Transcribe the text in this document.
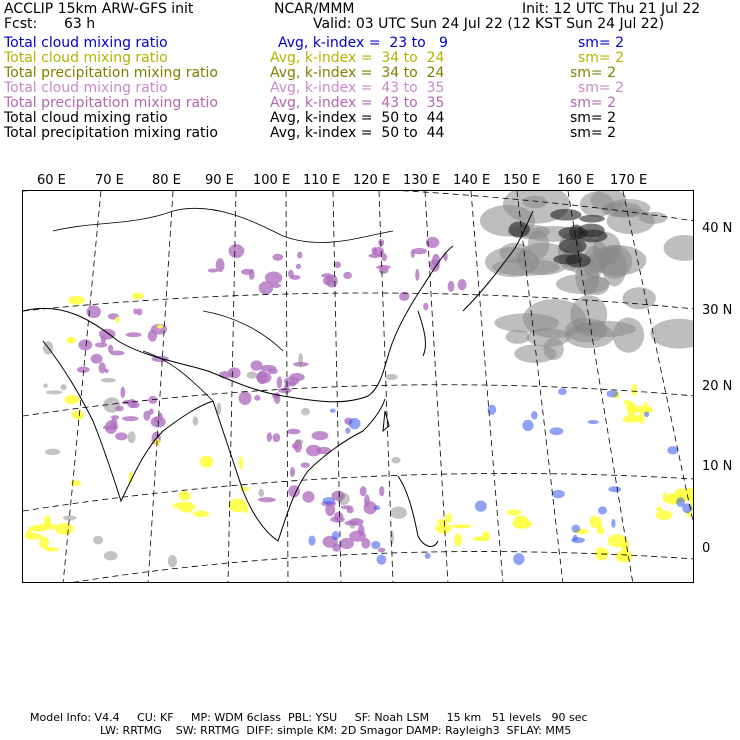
ACCLIP 15km ARW-GFS init	NCAR/MMM	Init: 12 UTC Thu 21 Jul 22
Fcst: 63 h	Valid: 03 UTC Sun 24 Jul 22 (12 KST Sun 24 Jul 22)
Total cloud mixing ratio	Avg, k-index =  23 to   9	sm= 2
Total cloud mixing ratio	Avg, k-index =  34 to  24	sm= 2
Total precipitation mixing ratio	Avg, k-index =  34 to  24	sm= 2
Total cloud mixing ratio	Avg, k-index =  43 to  35	sm= 2
Total precipitation mixing ratio	Avg, k-index =  43 to  35	sm= 2
Total cloud mixing ratio	Avg, k-index =  50 to  44	sm= 2
Total precipitation mixing ratio	Avg, k-index =  50 to  44	sm= 2
60 E 70 E 80 E 90 E 100 E 110 E 120 E 130 E 140 E 150 E 160 E 170 E
40 N
30 N
20 N
10 N
0
Model Info: V4.4     CU: KF     MP: WDM 6class  PBL: YSU     SF: Noah LSM     15 km   51 levels   90 sec
LW: RRTMG    SW: RRTMG  DIFF: simple KM: 2D Smagor DAMP: Rayleigh3  SFLAY: MM5
